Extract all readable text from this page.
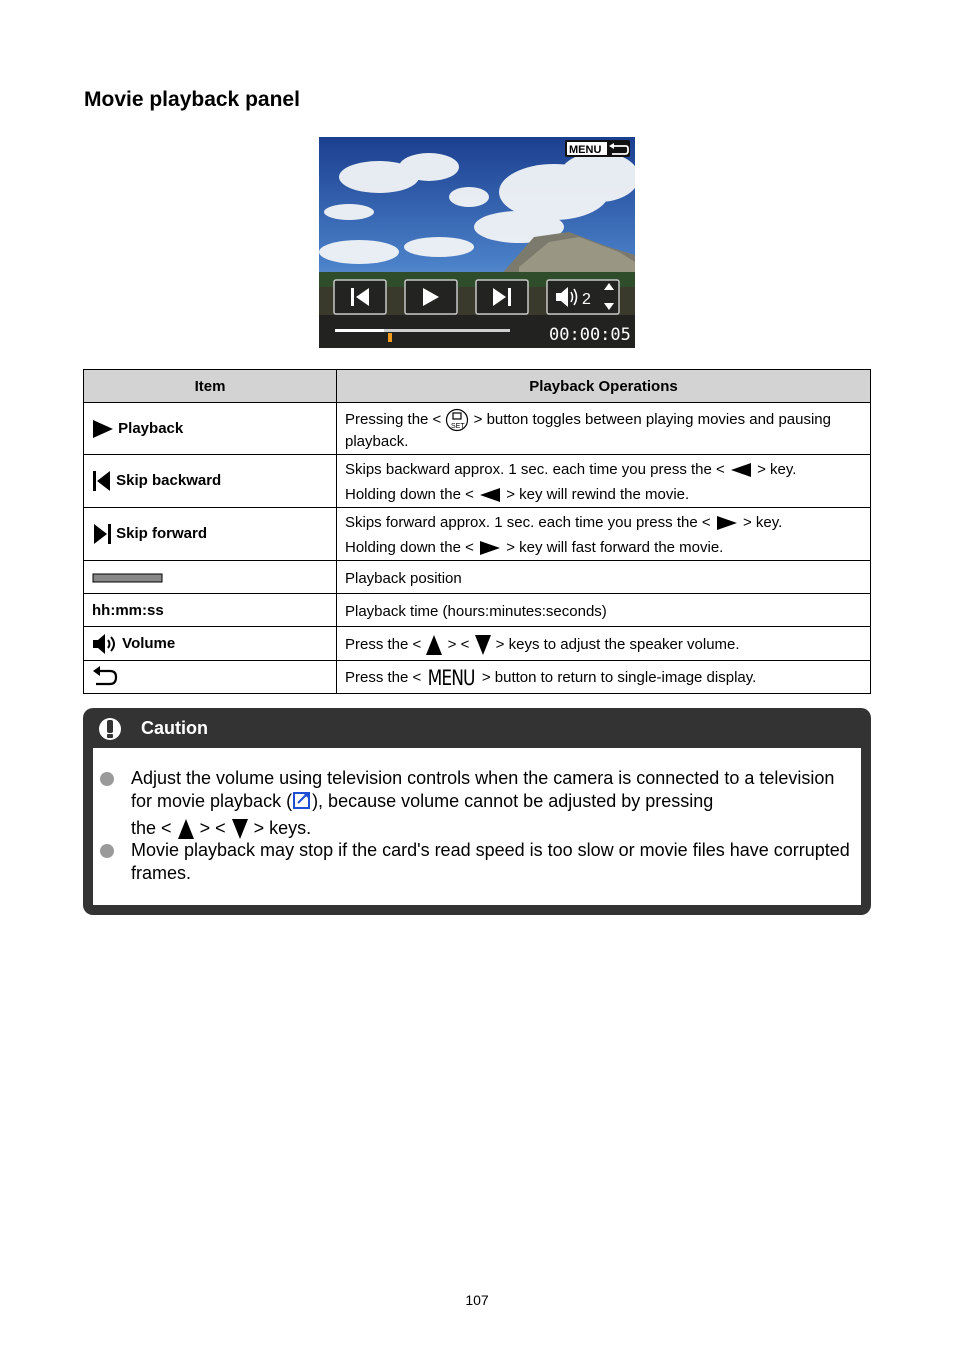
Movie playback panel
MENU
2
00:00:05
Item	Playback Operations
Playback	Pressing the < SET > button toggles between playing movies and pausing playback.
Skip backward	Skips backward approx. 1 sec. each time you press the < > key.
Holding down the < > key will rewind the movie.

Skip forward	Skips forward approx. 1 sec. each time you press the < > key.
Holding down the < > key will fast forward the movie.

	Playback position
hh:mm:ss	Playback time (hours:minutes:seconds)
Volume	Press the < > < > keys to adjust the speaker volume.
	Press the < MENU > button to return to single-image display.
Caution
Adjust the volume using television controls when the camera is connected to a television for movie playback ( ), because volume cannot be adjusted by pressing
the < > < > keys.
Movie playback may stop if the card's read speed is too slow or movie files have corrupted frames.
107
